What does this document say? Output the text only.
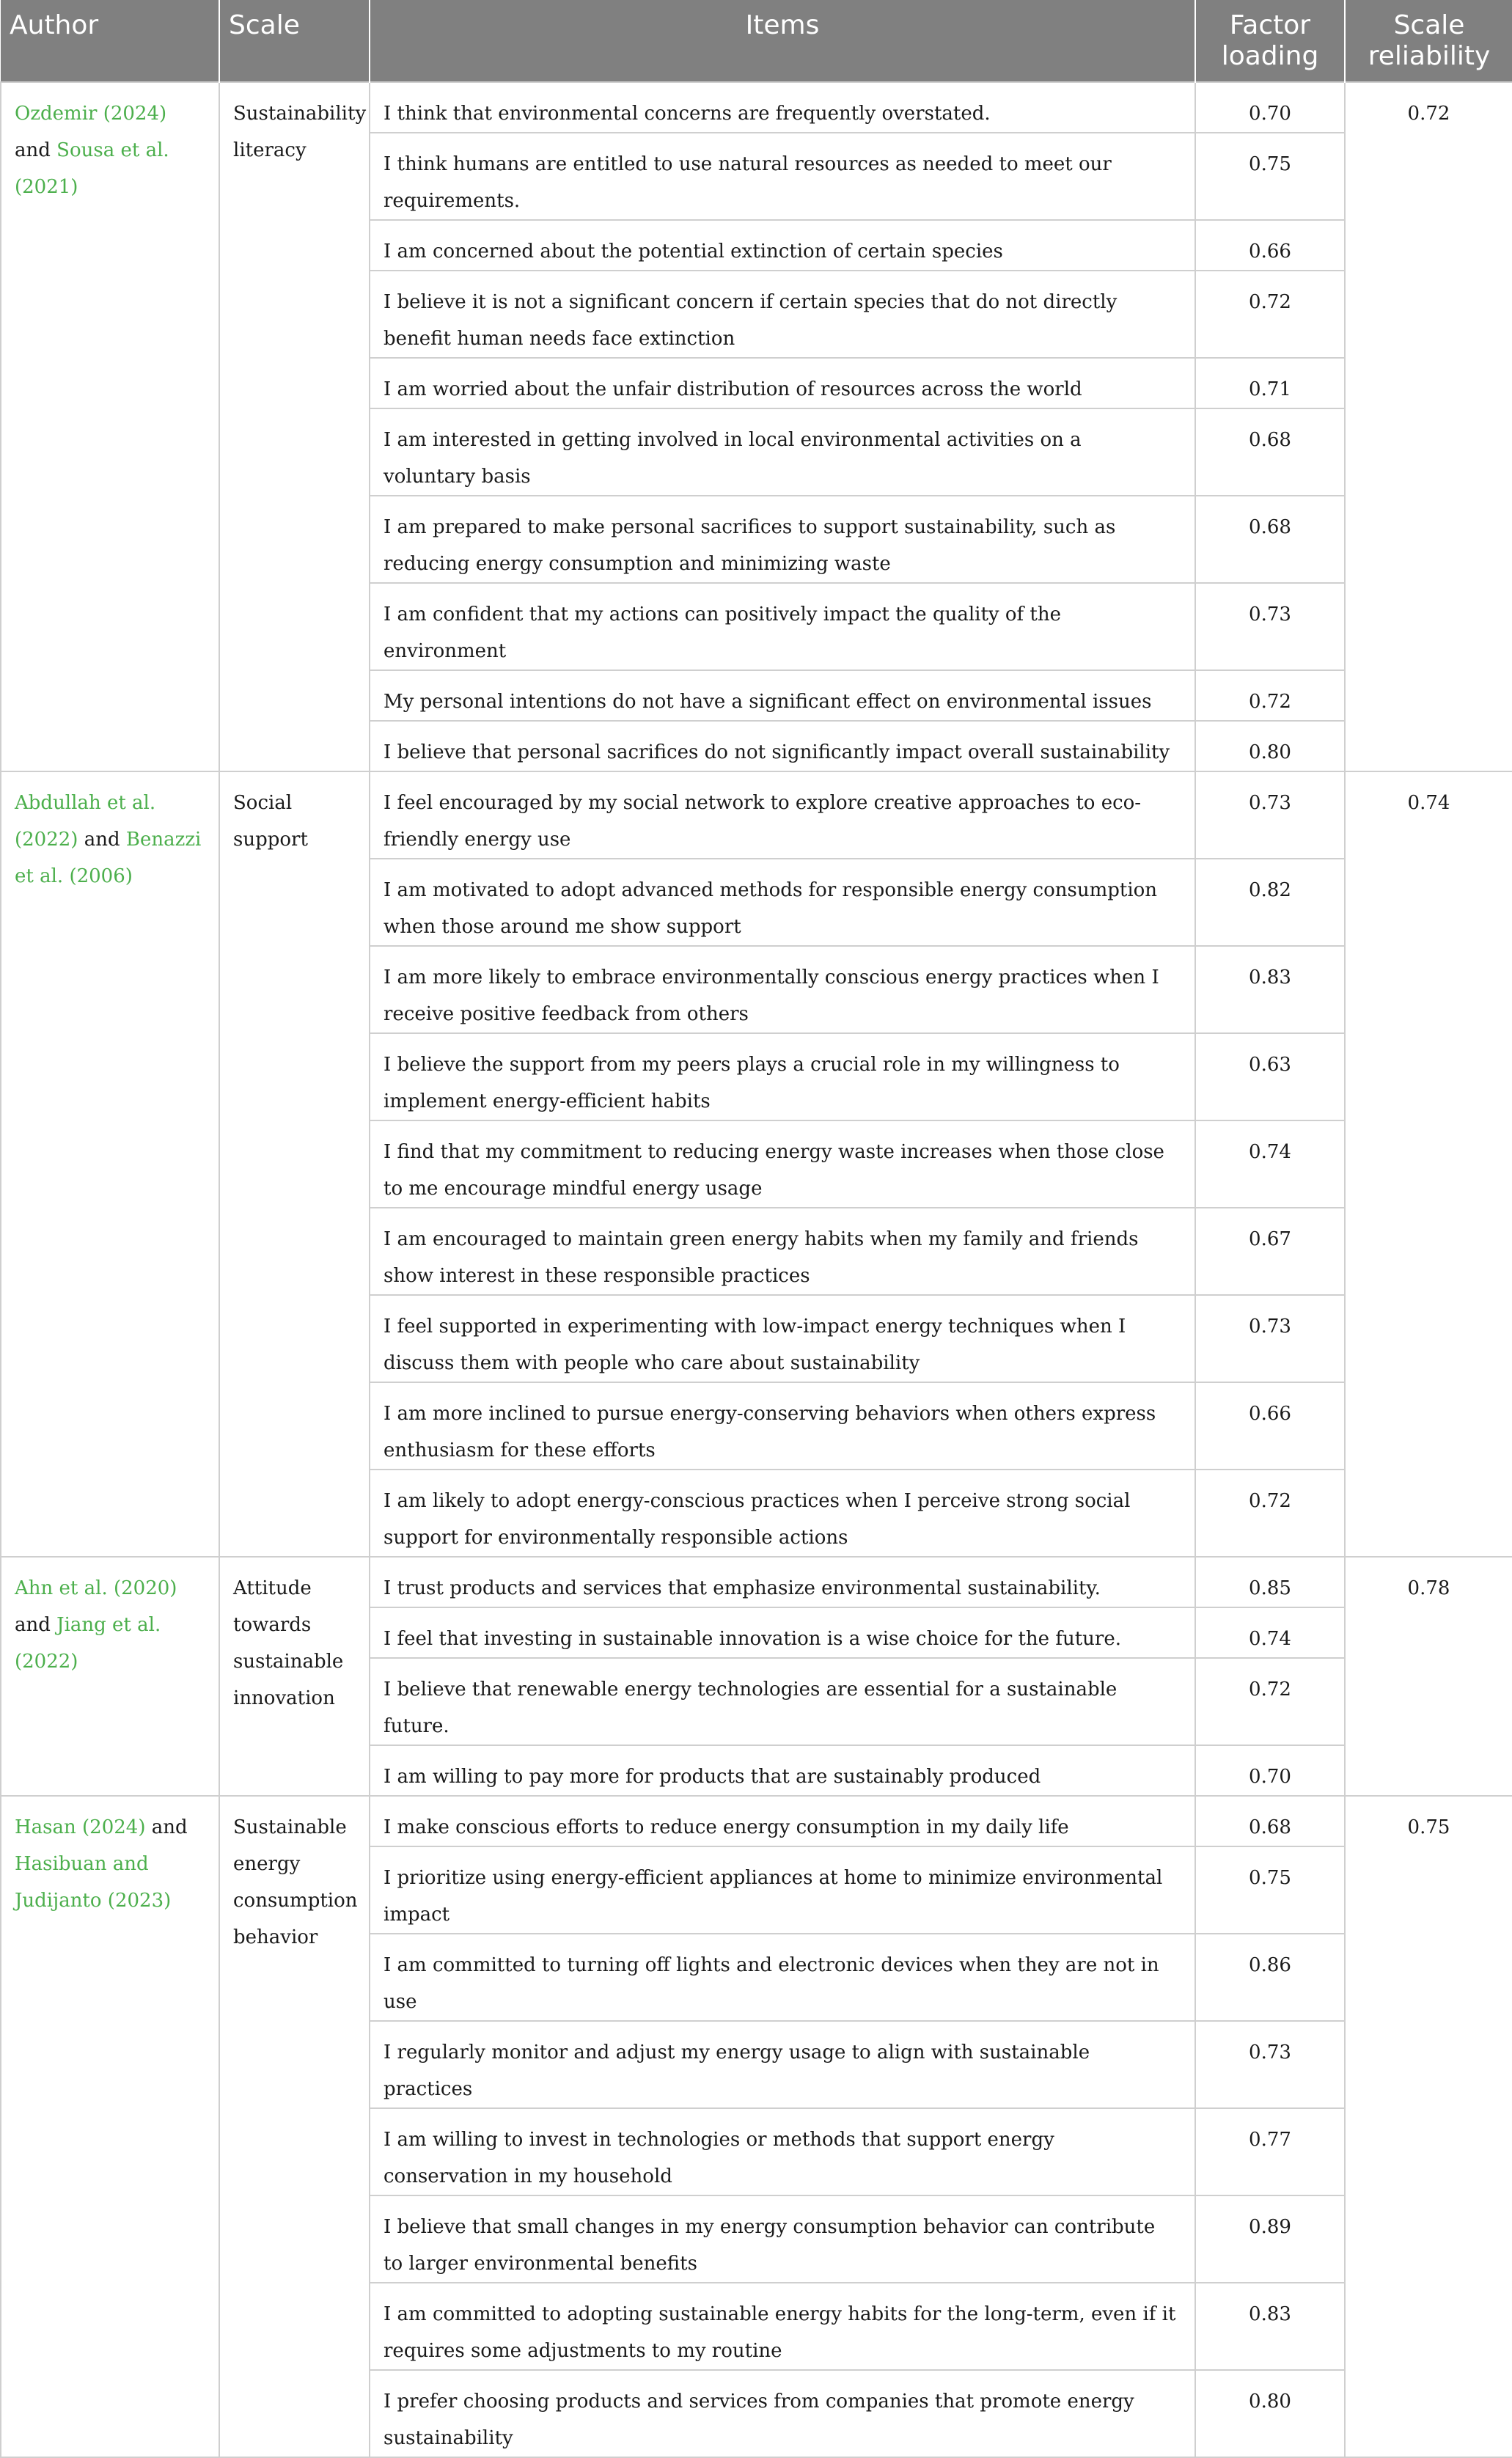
Author	Scale	Items	Factor loading	Scale reliability
Ozdemir (2024) and Sousa et al. (2021)	Sustainability literacy	I think that environmental concerns are frequently overstated.	0.70	0.72
		I think humans are entitled to use natural resources as needed to meet our requirements.	0.75	
		I am concerned about the potential extinction of certain species	0.66	
		I believe it is not a significant concern if certain species that do not directly benefit human needs face extinction	0.72	
		I am worried about the unfair distribution of resources across the world	0.71	
		I am interested in getting involved in local environmental activities on a voluntary basis	0.68	
		I am prepared to make personal sacrifices to support sustainability, such as reducing energy consumption and minimizing waste	0.68	
		I am confident that my actions can positively impact the quality of the environment	0.73	
		My personal intentions do not have a significant effect on environmental issues	0.72	
		I believe that personal sacrifices do not significantly impact overall sustainability	0.80	
Abdullah et al. (2022) and Benazzi et al. (2006)	Social support	I feel encouraged by my social network to explore creative approaches to eco-friendly energy use	0.73	0.74
		I am motivated to adopt advanced methods for responsible energy consumption when those around me show support	0.82	
		I am more likely to embrace environmentally conscious energy practices when I receive positive feedback from others	0.83	
		I believe the support from my peers plays a crucial role in my willingness to implement energy-efficient habits	0.63	
		I find that my commitment to reducing energy waste increases when those close to me encourage mindful energy usage	0.74	
		I am encouraged to maintain green energy habits when my family and friends show interest in these responsible practices	0.67	
		I feel supported in experimenting with low-impact energy techniques when I discuss them with people who care about sustainability	0.73	
		I am more inclined to pursue energy-conserving behaviors when others express enthusiasm for these efforts	0.66	
		I am likely to adopt energy-conscious practices when I perceive strong social support for environmentally responsible actions	0.72	
Ahn et al. (2020) and Jiang et al. (2022)	Attitude towards sustainable innovation	I trust products and services that emphasize environmental sustainability.	0.85	0.78
		I feel that investing in sustainable innovation is a wise choice for the future.	0.74	
		I believe that renewable energy technologies are essential for a sustainable future.	0.72	
		I am willing to pay more for products that are sustainably produced	0.70	
Hasan (2024) and Hasibuan and Judijanto (2023)	Sustainable energy consumption behavior	I make conscious efforts to reduce energy consumption in my daily life	0.68	0.75
		I prioritize using energy-efficient appliances at home to minimize environmental impact	0.75	
		I am committed to turning off lights and electronic devices when they are not in use	0.86	
		I regularly monitor and adjust my energy usage to align with sustainable practices	0.73	
		I am willing to invest in technologies or methods that support energy conservation in my household	0.77	
		I believe that small changes in my energy consumption behavior can contribute to larger environmental benefits	0.89	
		I am committed to adopting sustainable energy habits for the long-term, even if it requires some adjustments to my routine	0.83	
		I prefer choosing products and services from companies that promote energy sustainability	0.80	
